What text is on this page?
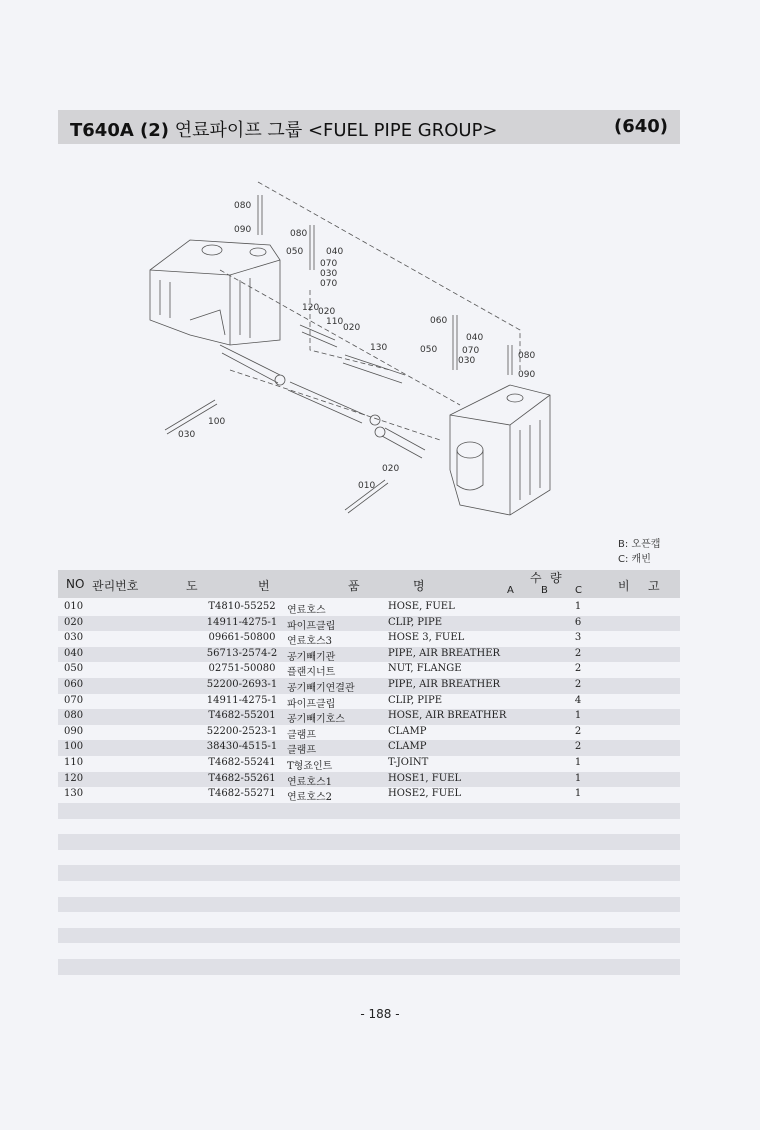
T640A (2) 연료파이프 그룹 <FUEL PIPE GROUP>	(640)
080
090	080
050	040
070
030
070
120
020
110
020
130
060
040
050	070
030	080
090
100
030
020
010
B: 오픈캡
C: 캐빈
NO 관리번호	도	번	품	명
수 량
A	B	C	비 고
010	T4810-55252	연료호스	HOSE, FUEL	1
020	14911-4275-1 파이프클립	CLIP, PIPE	6
030	09661-50800	연료호스3	HOSE 3, FUEL	3
040	56713-2574-2 공기빼기관	PIPE, AIR BREATHER	2
050	02751-50080	플랜지너트	NUT, FLANGE	2
060	52200-2693-1 공기빼기연결관	PIPE, AIR BREATHER	2
070	14911-4275-1 파이프클립	CLIP, PIPE	4
080	T4682-55201	공기빼기호스	HOSE, AIR BREATHER	1
090	52200-2523-1 클램프	CLAMP	2
100	38430-4515-1 클램프	CLAMP	2
110	T4682-55241	T형죠인트	T-JOINT	1
120	T4682-55261	연료호스1	HOSE1, FUEL	1
130	T4682-55271	연료호스2	HOSE2, FUEL	1
- 188 -
